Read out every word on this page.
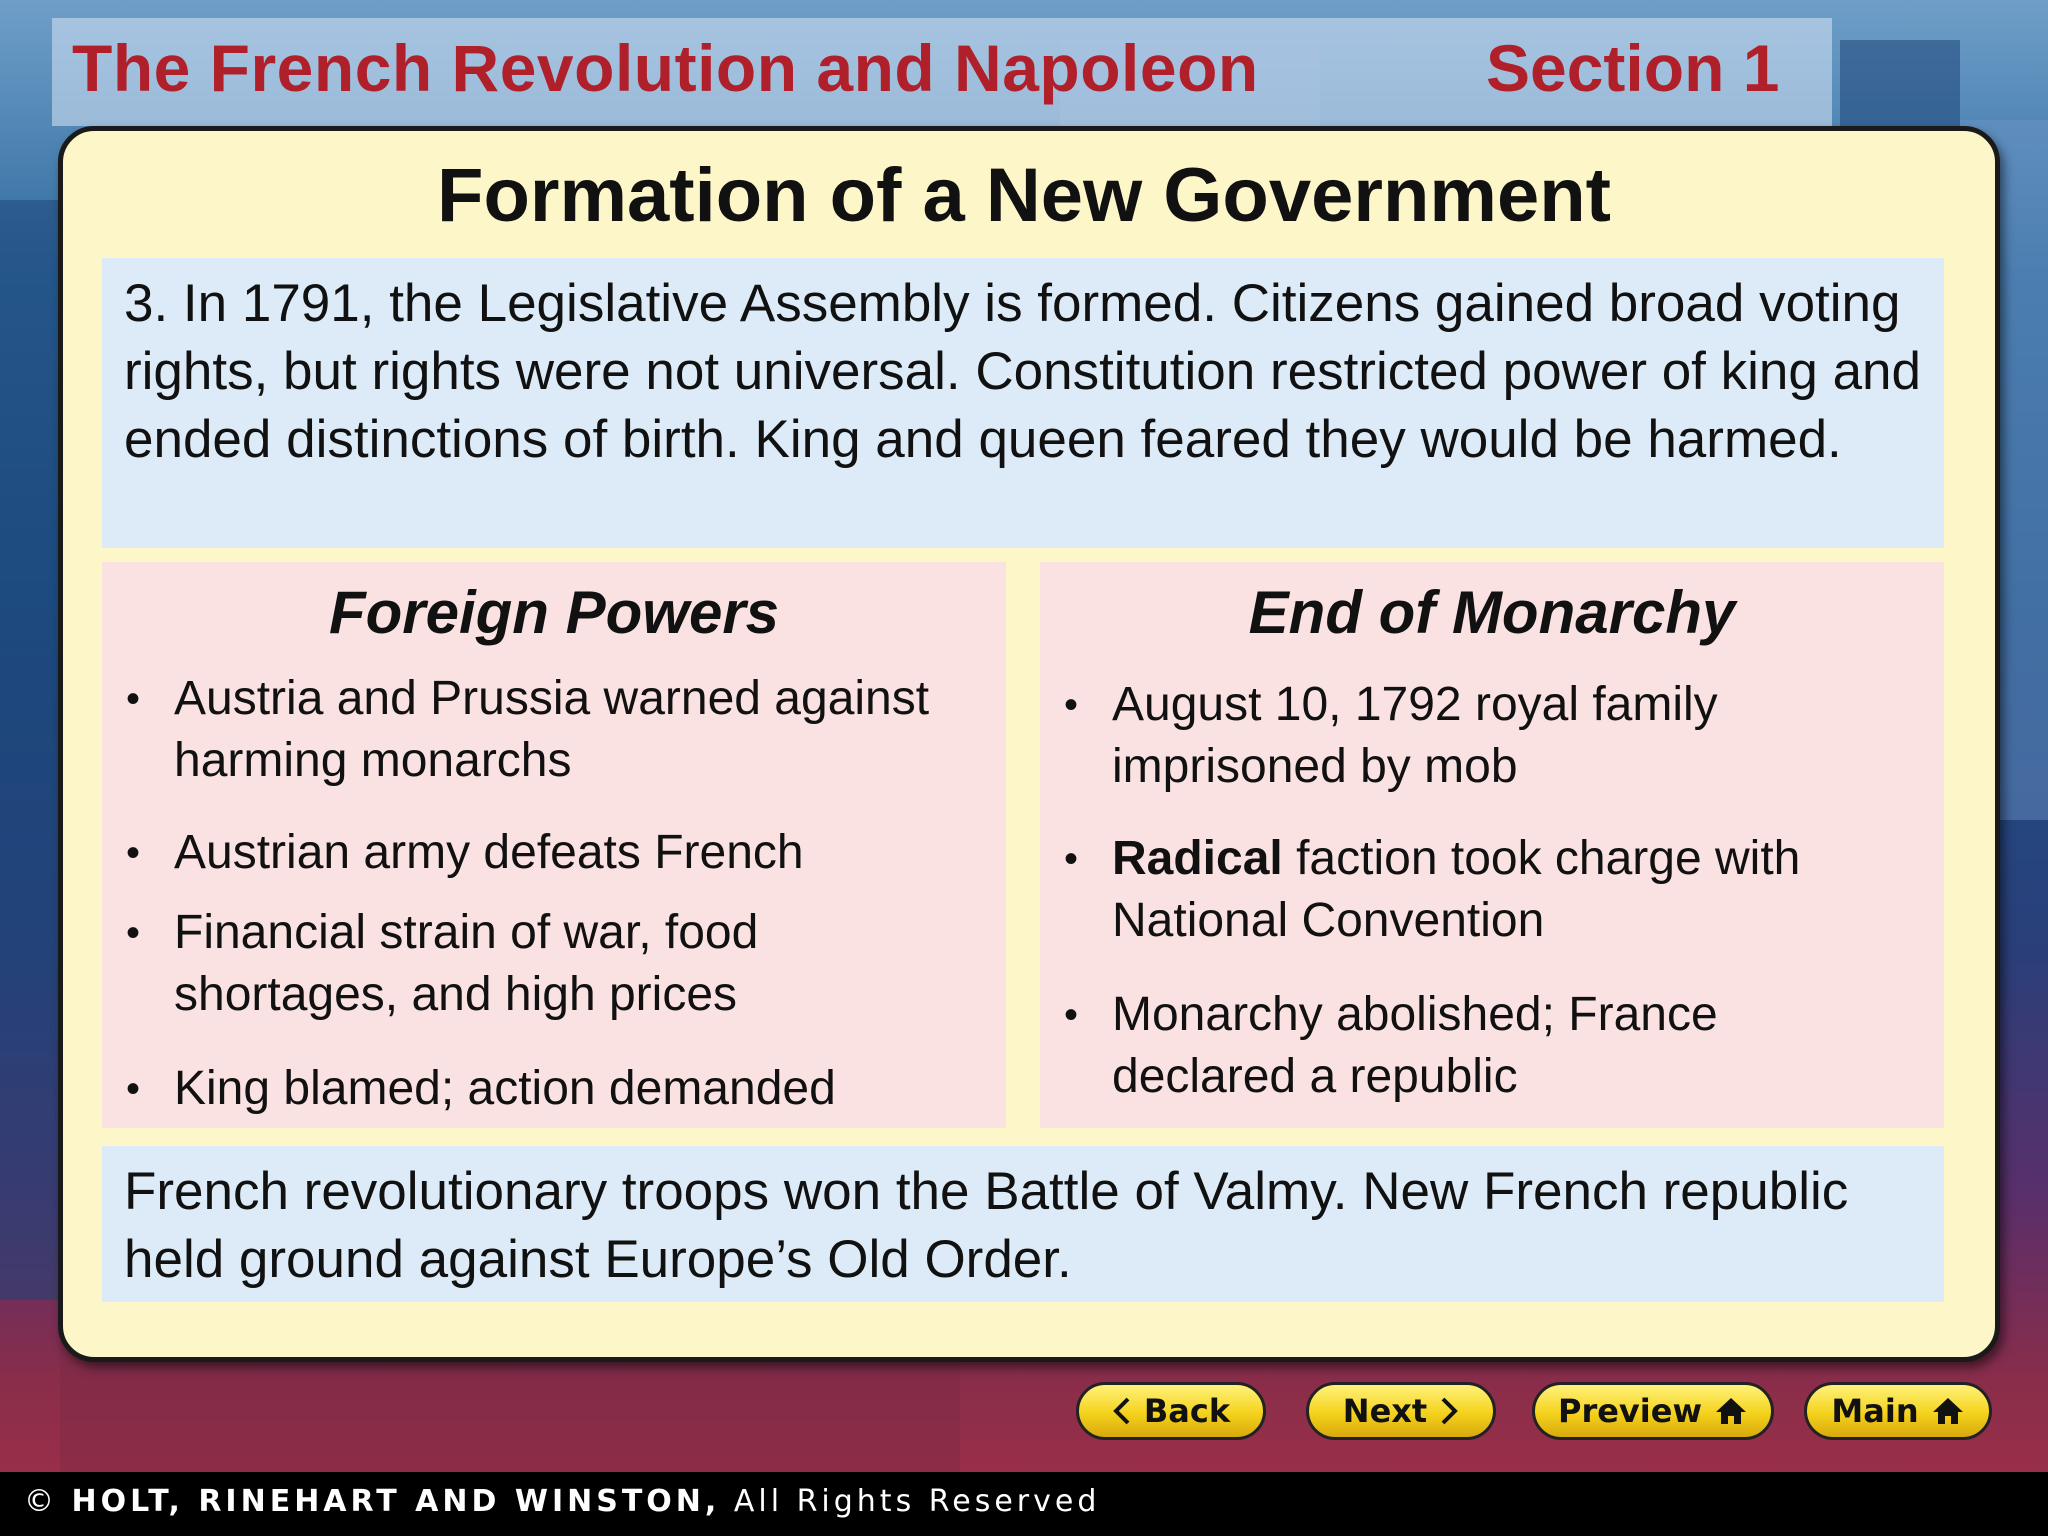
The French Revolution and Napoleon	Section 1
Formation of a New Government
3. In 1791, the Legislative Assembly is formed. Citizens gained broad voting rights, but rights were not universal. Constitution restricted power of king and ended distinctions of birth. King and queen feared they would be harmed.
Foreign Powers
• Austria and Prussia warned against harming monarchs
• Austrian army defeats French
• Financial strain of war, food shortages, and high prices
• King blamed; action demanded
End of Monarchy
• August 10, 1792 royal family imprisoned by mob
• Radical faction took charge with National Convention
• Monarchy abolished; France declared a republic
French revolutionary troops won the Battle of Valmy. New French republic held ground against Europe’s Old Order.
Back	Next	Preview	Main
© HOLT, RINEHART AND WINSTON, All Rights Reserved
